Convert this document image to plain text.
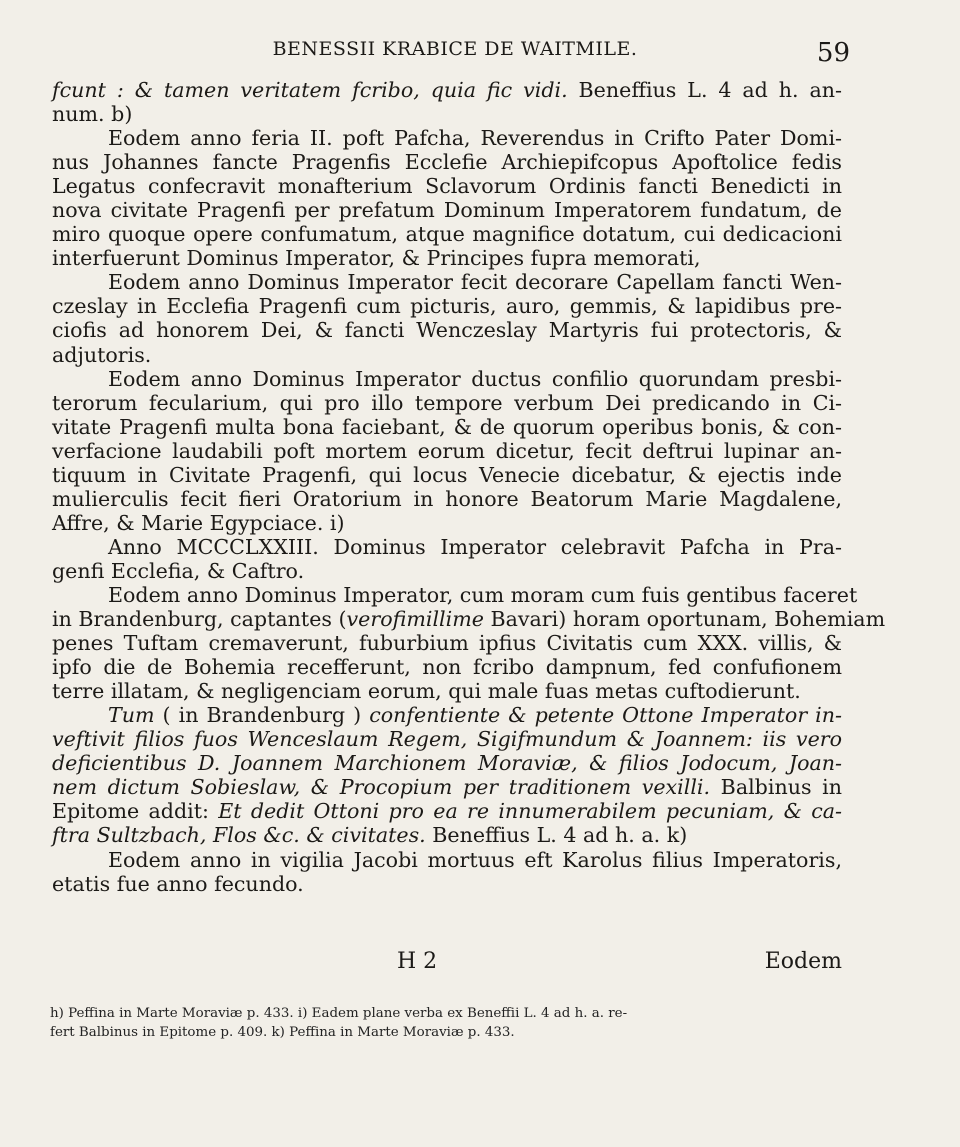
BENESSII KRABICE DE WAITMILE.	59
fcunt : & tamen veritatem fcribo, quia fic vidi. Beneffius L. 4 ad h. an-
num. b)
Eodem anno feria II. poft Pafcha, Reverendus in Crifto Pater Domi-
nus Johannes fancte Pragenfis Ecclefie Archiepifcopus Apoftolice fedis
Legatus confecravit monafterium Sclavorum Ordinis fancti Benedicti in
nova civitate Pragenfi per prefatum Dominum Imperatorem fundatum, de
miro quoque opere confumatum, atque magnifice dotatum, cui dedicacioni
interfuerunt Dominus Imperator, & Principes fupra memorati,
Eodem anno Dominus Imperator fecit decorare Capellam fancti Wen-
czeslay in Ecclefia Pragenfi cum picturis, auro, gemmis, & lapidibus pre-
ciofis ad honorem Dei, & fancti Wenczeslay Martyris fui protectoris, &
adjutoris.
Eodem anno Dominus Imperator ductus confilio quorundam presbi-
terorum fecularium, qui pro illo tempore verbum Dei predicando in Ci-
vitate Pragenfi multa bona faciebant, & de quorum operibus bonis, & con-
verfacione laudabili poft mortem eorum dicetur, fecit deftrui lupinar an-
tiquum in Civitate Pragenfi, qui locus Venecie dicebatur, & ejectis inde
mulierculis fecit fieri Oratorium in honore Beatorum Marie Magdalene,
Affre, & Marie Egypciace. i)
Anno MCCCLXXIII. Dominus Imperator celebravit Pafcha in Pra-
genfi Ecclefia, & Caftro.
Eodem anno Dominus Imperator, cum moram cum fuis gentibus faceret
in Brandenburg, captantes (verofimillime Bavari) horam oportunam, Bohemiam
penes Tuftam cremaverunt, fuburbium ipfius Civitatis cum XXX. villis, &
ipfo die de Bohemia recefferunt, non fcribo dampnum, fed confufionem
terre illatam, & negligenciam eorum, qui male fuas metas cuftodierunt.
Tum ( in Brandenburg ) confentiente & petente Ottone Imperator in-
veftivit filios fuos Wenceslaum Regem, Sigifmundum & Joannem: iis vero
deficientibus D. Joannem Marchionem Moraviæ, & filios Jodocum, Joan-
nem dictum Sobieslaw, & Procopium per traditionem vexilli. Balbinus in
Epitome addit: Et dedit Ottoni pro ea re innumerabilem pecuniam, & ca-
ftra Sultzbach, Flos &c. & civitates. Beneffius L. 4 ad h. a. k)
Eodem anno in vigilia Jacobi mortuus eft Karolus filius Imperatoris,
etatis fue anno fecundo.
H 2	Eodem
h) Peffina in Marte Moraviæ p. 433. i) Eadem plane verba ex Beneffii L. 4 ad h. a. re-
fert Balbinus in Epitome p. 409. k) Peffina in Marte Moraviæ p. 433.
